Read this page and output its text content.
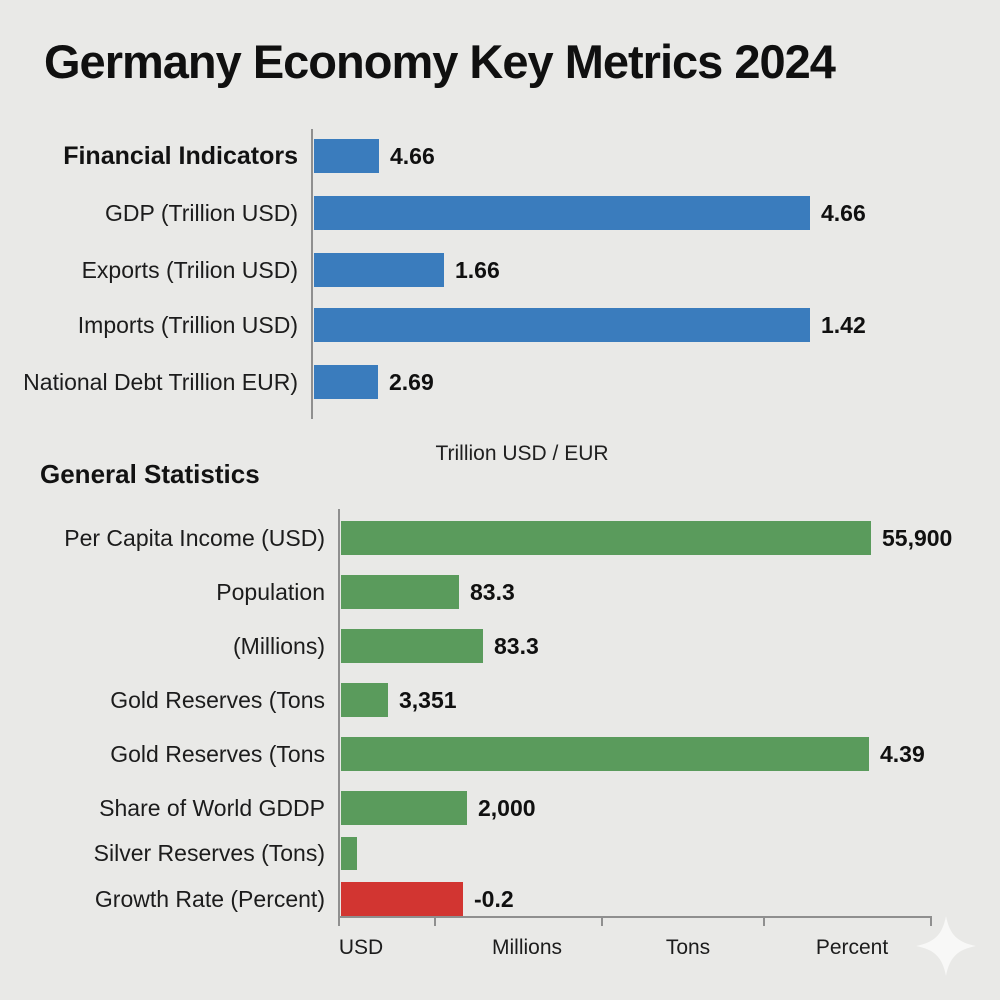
Germany Economy Key Metrics 2024
Financial Indicators	4.66
GDP (Trillion USD)	4.66
Exports (Trilion USD)	1.66
Imports (Trillion USD)	1.42
National Debt Trillion EUR)	2.69
Trillion USD / EUR
General Statistics
Per Capita Income (USD)	55,900
Population	83.3
(Millions)	83.3
Gold Reserves (Tons	3,351
Gold Reserves (Tons	4.39
Share of World GDDP	2,000
Silver Reserves (Tons)
Growth Rate (Percent)	-0.2
USD	Millions	Tons	Percent
